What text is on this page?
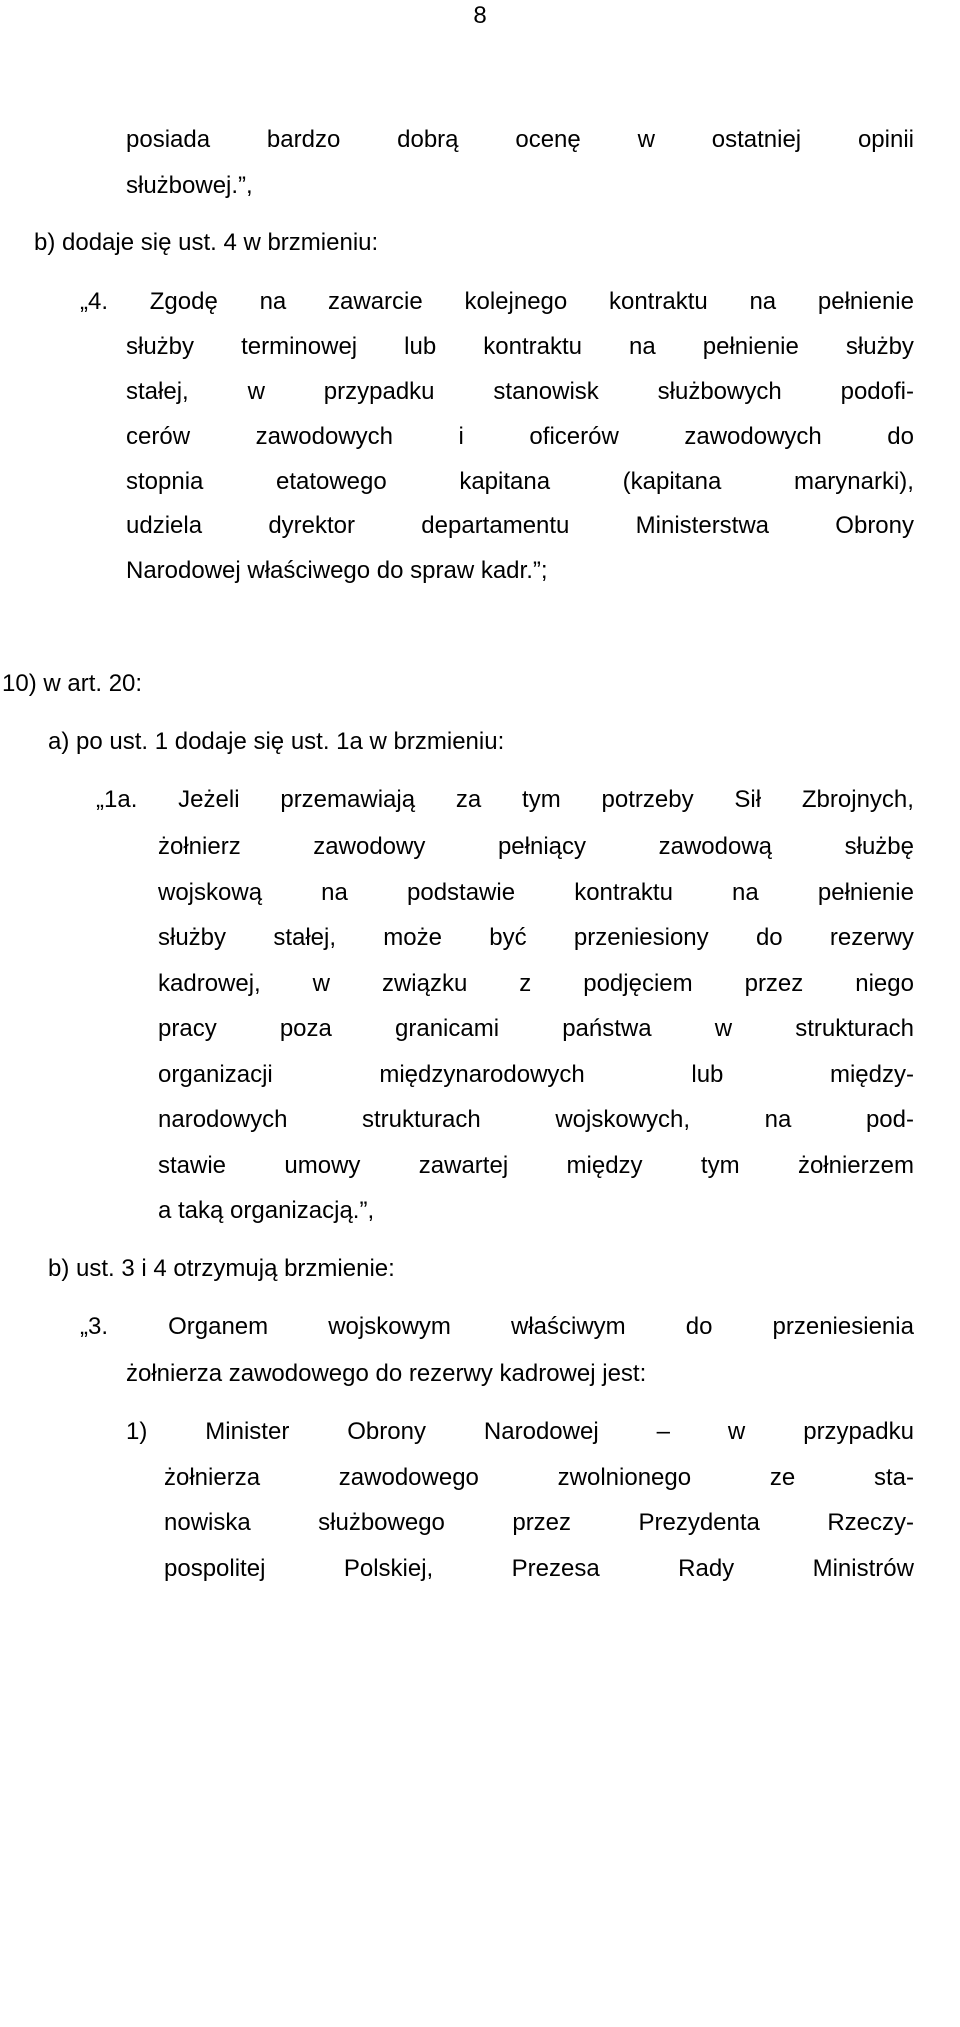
8
posiada bardzo dobrą ocenę w ostatniej opinii
służbowej.”,
b) dodaje się ust. 4 w brzmieniu:
„4. Zgodę na zawarcie kolejnego kontraktu na pełnienie
służby terminowej lub kontraktu na pełnienie służby
stałej, w przypadku stanowisk służbowych podofi-
cerów	zawodowych	i	oficerów	zawodowych	do
stopnia	etatowego	kapitana	(kapitana	marynarki),
udziela	dyrektor	departamentu	Ministerstwa	Obrony
Narodowej właściwego do spraw kadr.”;
10) w art. 20:
a) po ust. 1 dodaje się ust. 1a w brzmieniu:
„1a. Jeżeli przemawiają za tym potrzeby Sił Zbrojnych,
żołnierz	zawodowy	pełniący	zawodową	służbę
wojskową na podstawie kontraktu na pełnienie
służby stałej, może być przeniesiony do rezerwy
kadrowej, w związku z podjęciem przez niego
pracy	poza	granicami	państwa	w	strukturach
organizacji	międzynarodowych	lub	między-
narodowych	strukturach	wojskowych,	na	pod-
stawie umowy zawartej między tym żołnierzem
a taką organizacją.”,
b) ust. 3 i 4 otrzymują brzmienie:
„3.	Organem	wojskowym	właściwym	do	przeniesienia
żołnierza zawodowego do rezerwy kadrowej jest:
1) Minister Obrony Narodowej – w przypadku
żołnierza	zawodowego	zwolnionego	ze	sta-
nowiska	służbowego	przez	Prezydenta	Rzeczy-
pospolitej	Polskiej,	Prezesa	Rady	Ministrów
